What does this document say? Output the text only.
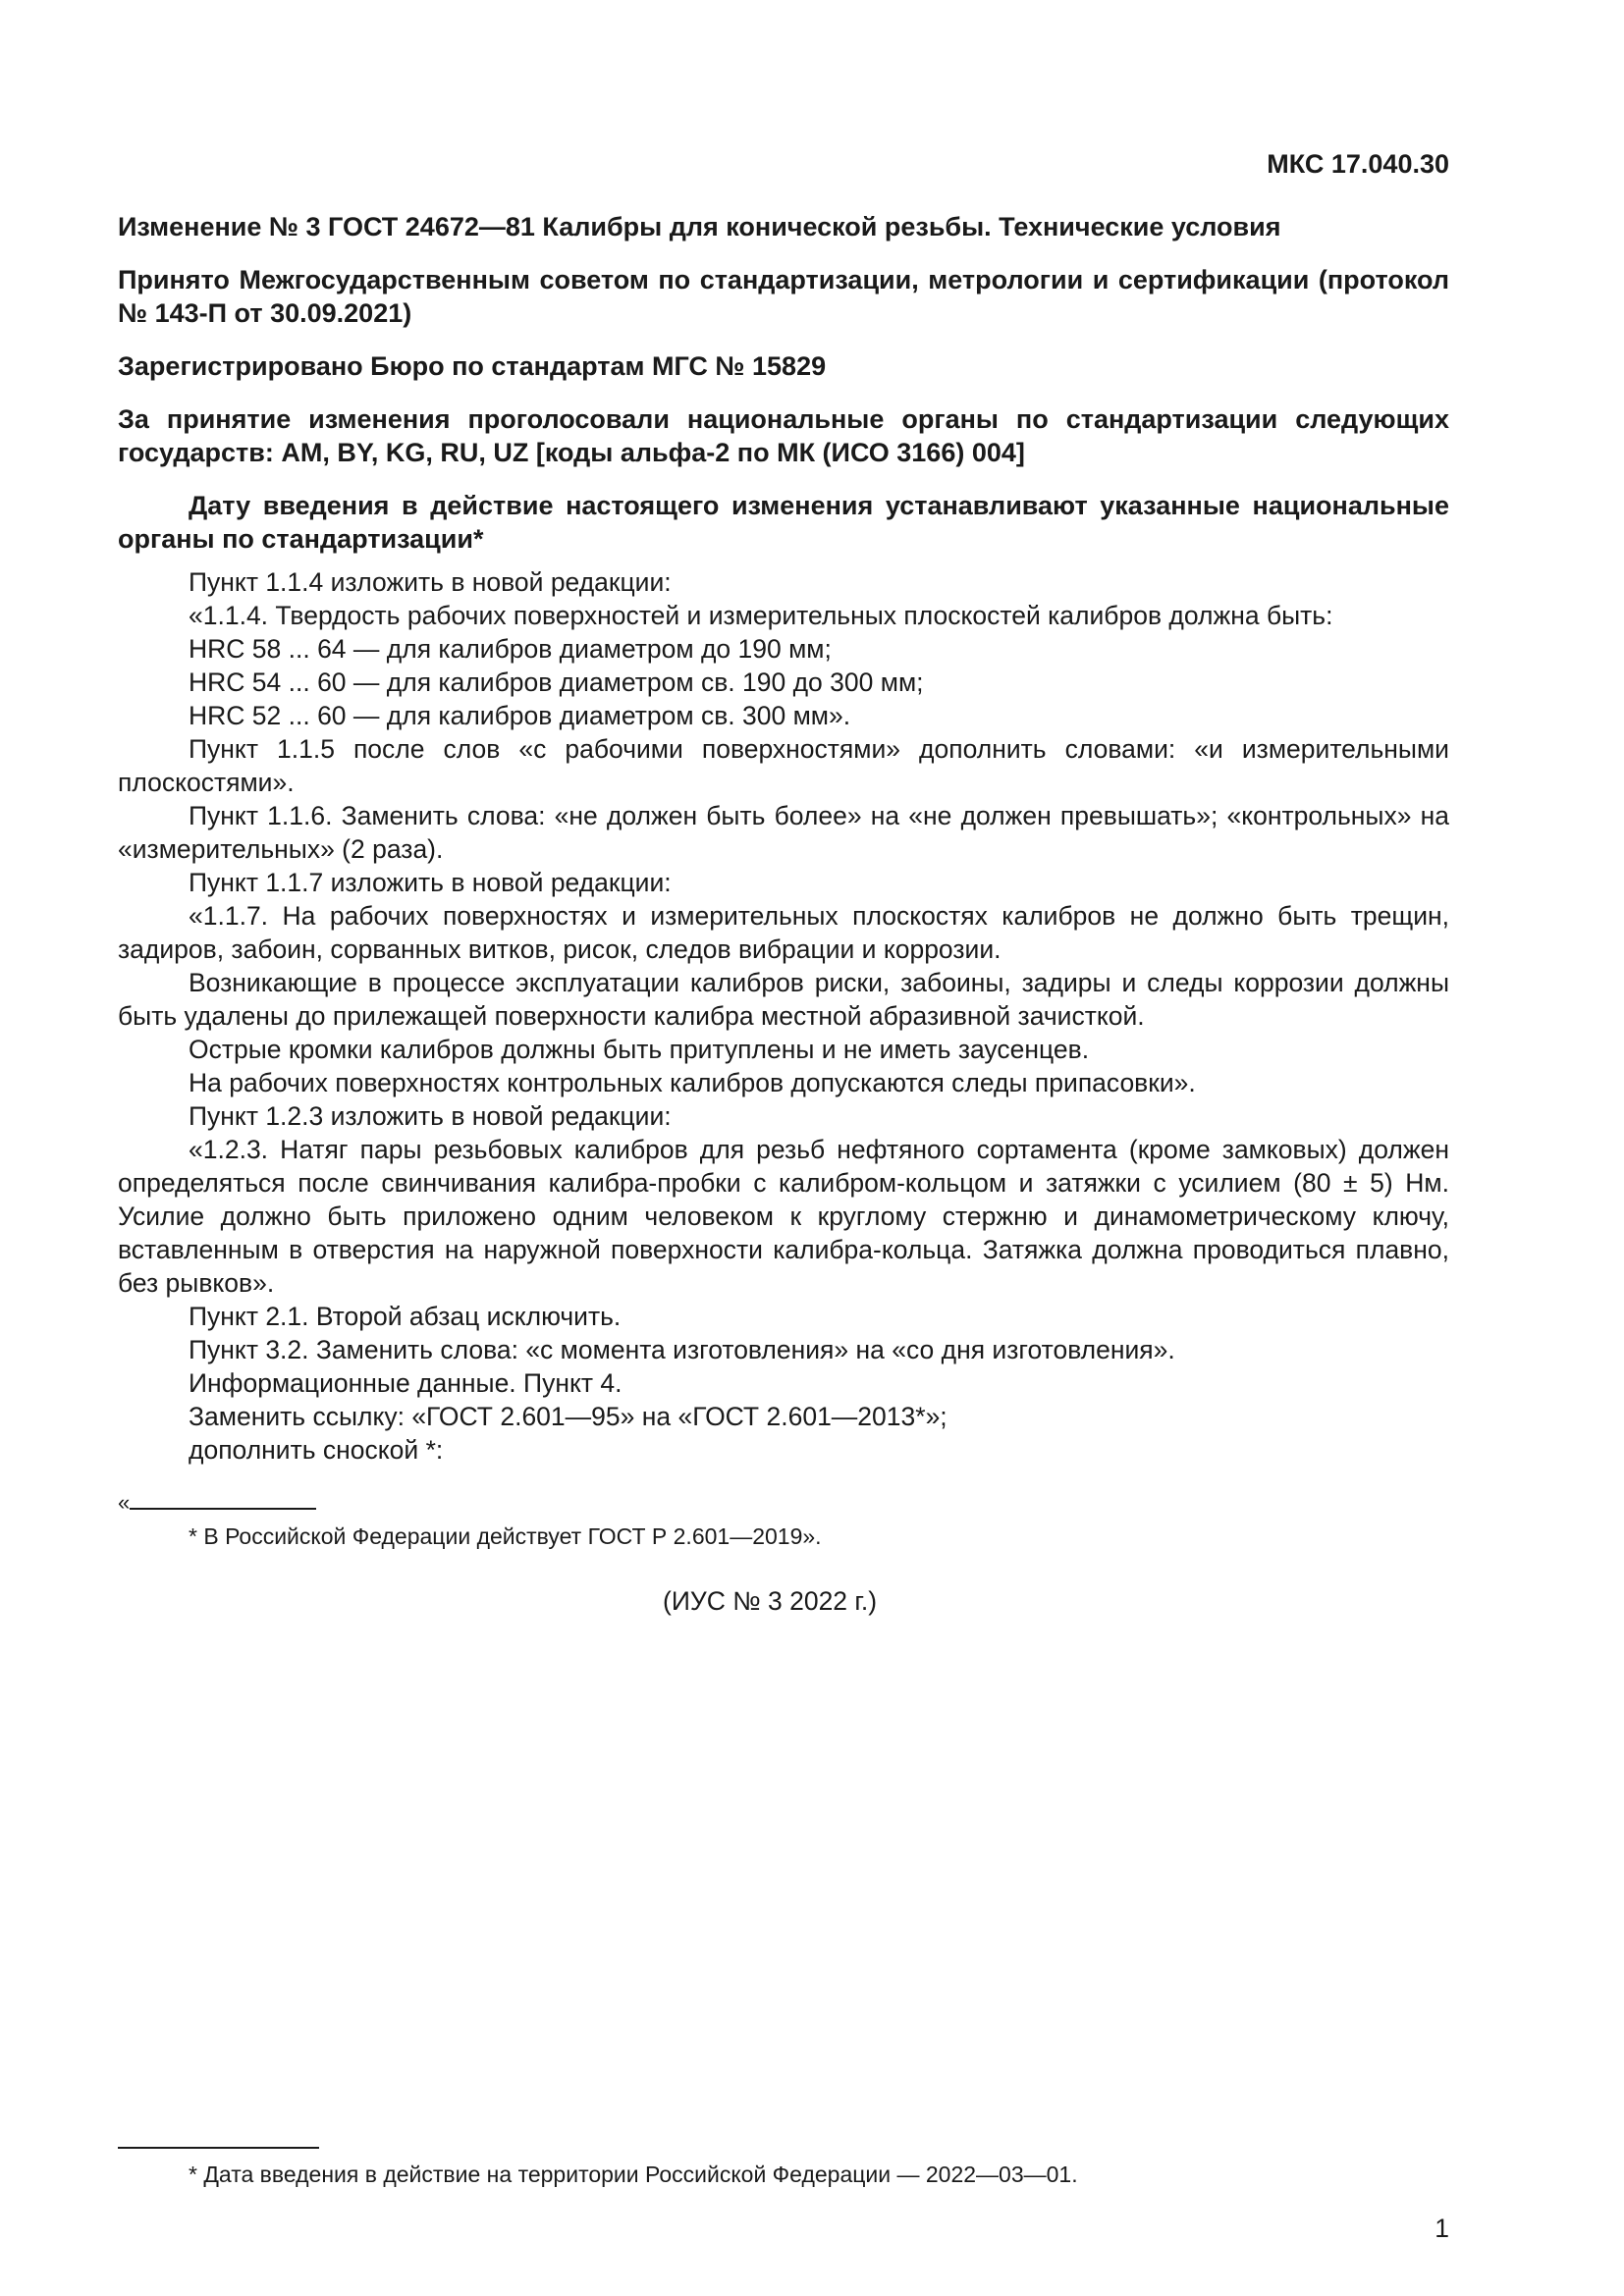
МКС 17.040.30

Изменение № 3 ГОСТ 24672—81 Калибры для конической резьбы. Технические условия

Принято Межгосударственным советом по стандартизации, метрологии и сертификации (протокол № 143-П от 30.09.2021)

Зарегистрировано Бюро по стандартам МГС № 15829

За принятие изменения проголосовали национальные органы по стандартизации следующих государств: AM, BY, KG, RU, UZ [коды альфа-2 по МК (ИСО 3166) 004]

Дату введения в действие настоящего изменения устанавливают указанные национальные органы по стандартизации*

Пункт 1.1.4 изложить в новой редакции:

«1.1.4. Твердость рабочих поверхностей и измерительных плоскостей калибров должна быть:

HRC 58 ... 64 — для калибров диаметром до 190 мм;

HRC 54 ... 60 — для калибров диаметром св. 190 до 300 мм;

HRC 52 ... 60 — для калибров диаметром св. 300 мм».

Пункт 1.1.5 после слов «с рабочими поверхностями» дополнить словами: «и измерительными плоскостями».

Пункт 1.1.6. Заменить слова: «не должен быть более» на «не должен превышать»; «контрольных» на «измерительных» (2 раза).

Пункт 1.1.7 изложить в новой редакции:

«1.1.7. На рабочих поверхностях и измерительных плоскостях калибров не должно быть трещин, задиров, забоин, сорванных витков, рисок, следов вибрации и коррозии.

Возникающие в процессе эксплуатации калибров риски, забоины, задиры и следы коррозии должны быть удалены до прилежащей поверхности калибра местной абразивной зачисткой.

Острые кромки калибров должны быть притуплены и не иметь заусенцев.

На рабочих поверхностях контрольных калибров допускаются следы припасовки».

Пункт 1.2.3 изложить в новой редакции:

«1.2.3. Натяг пары резьбовых калибров для резьб нефтяного сортамента (кроме замковых) должен определяться после свинчивания калибра-пробки с калибром-кольцом и затяжки с усилием (80 ± 5) Нм. Усилие должно быть приложено одним человеком к круглому стержню и динамометрическому ключу, вставленным в отверстия на наружной поверхности калибра-кольца. Затяжка должна проводиться плавно, без рывков».

Пункт 2.1. Второй абзац исключить.

Пункт 3.2. Заменить слова: «с момента изготовления» на «со дня изготовления».

Информационные данные. Пункт 4.

Заменить ссылку: «ГОСТ 2.601—95» на «ГОСТ 2.601—2013*»;

дополнить сноской *:

«
* В Российской Федерации действует ГОСТ Р 2.601—2019».
(ИУС № 3 2022 г.)
* Дата введения в действие на территории Российской Федерации — 2022—03—01.
1
